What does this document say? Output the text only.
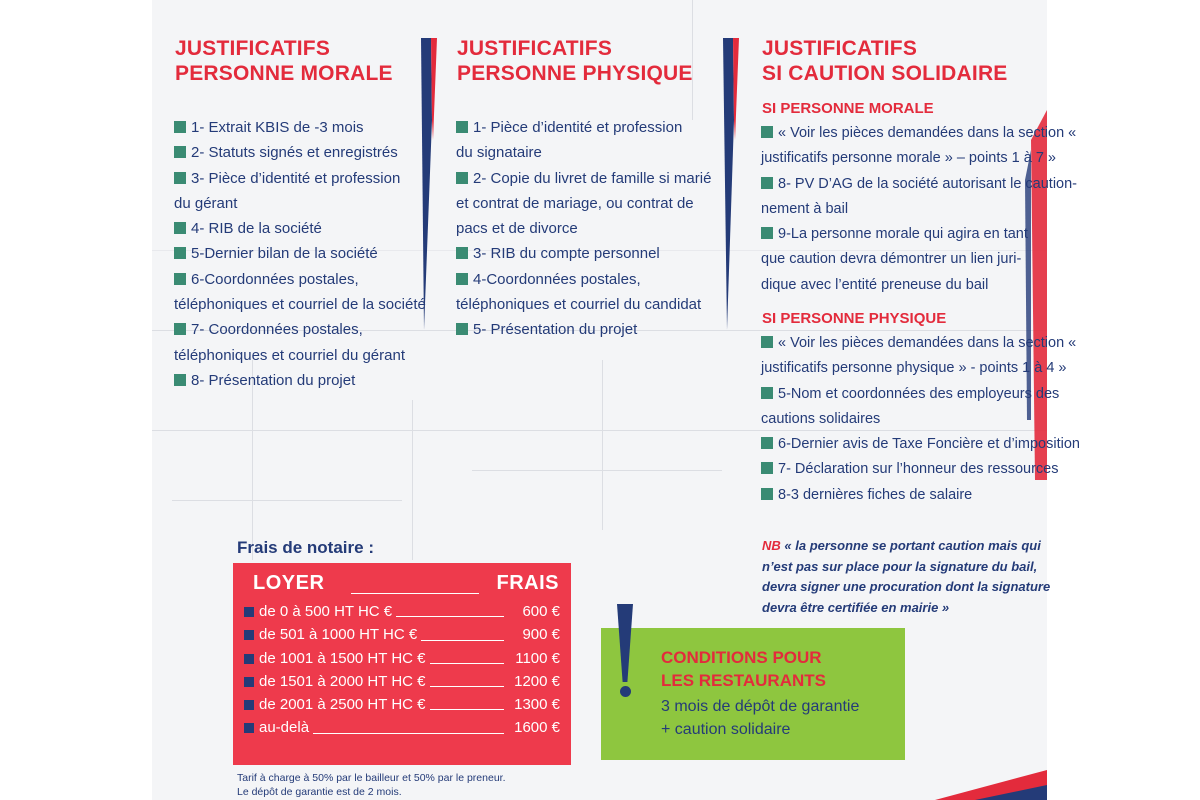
JUSTIFICATIFS
PERSONNE MORALE
1- Extrait KBIS de -3 mois
2- Statuts signés et enregistrés
3- Pièce d’identité et profession
du gérant
4- RIB de la société
5-Dernier bilan de la société
6-Coordonnées postales,
téléphoniques et courriel de la société
7- Coordonnées postales,
téléphoniques et courriel du gérant
8- Présentation du projet
JUSTIFICATIFS
PERSONNE PHYSIQUE
1- Pièce d’identité et profession
du signataire
2- Copie du livret de famille si marié
et contrat de mariage, ou contrat de
pacs et de divorce
3- RIB du compte personnel
4-Coordonnées postales,
téléphoniques et courriel du candidat
5- Présentation du projet
JUSTIFICATIFS
SI CAUTION SOLIDAIRE
SI PERSONNE MORALE
« Voir les pièces demandées dans la section «
justificatifs personne morale » – points 1 à 7 »
8- PV D’AG de la société autorisant le caution-
nement à bail
9-La personne morale qui agira en tant
que caution devra démontrer un lien juri-
dique avec l’entité preneuse du bail
SI PERSONNE PHYSIQUE
« Voir les pièces demandées dans la section «
justificatifs personne physique » - points 1 à 4 »
5-Nom et coordonnées des employeurs des
cautions solidaires
6-Dernier avis de Taxe Foncière et d’imposition
7- Déclaration sur l’honneur des ressources
8-3 dernières fiches de salaire
NB « la personne se portant caution mais qui
n’est pas sur place pour la signature du bail,
devra signer une procuration dont la signature
devra être certifiée en mairie »
Frais de notaire :
LOYER	FRAIS
de 0 à 500 HT HC €	600 €
de 501 à 1000 HT HC €	900 €
de 1001 à 1500 HT HC €	1100 €
de 1501 à 2000 HT HC €	1200 €
de 2001 à 2500 HT HC €	1300 €
au-delà	1600 €
Tarif à charge à 50% par le bailleur et 50% par le preneur.
Le dépôt de garantie est de 2 mois.
CONDITIONS POUR
LES RESTAURANTS
3 mois de dépôt de garantie
+ caution solidaire
